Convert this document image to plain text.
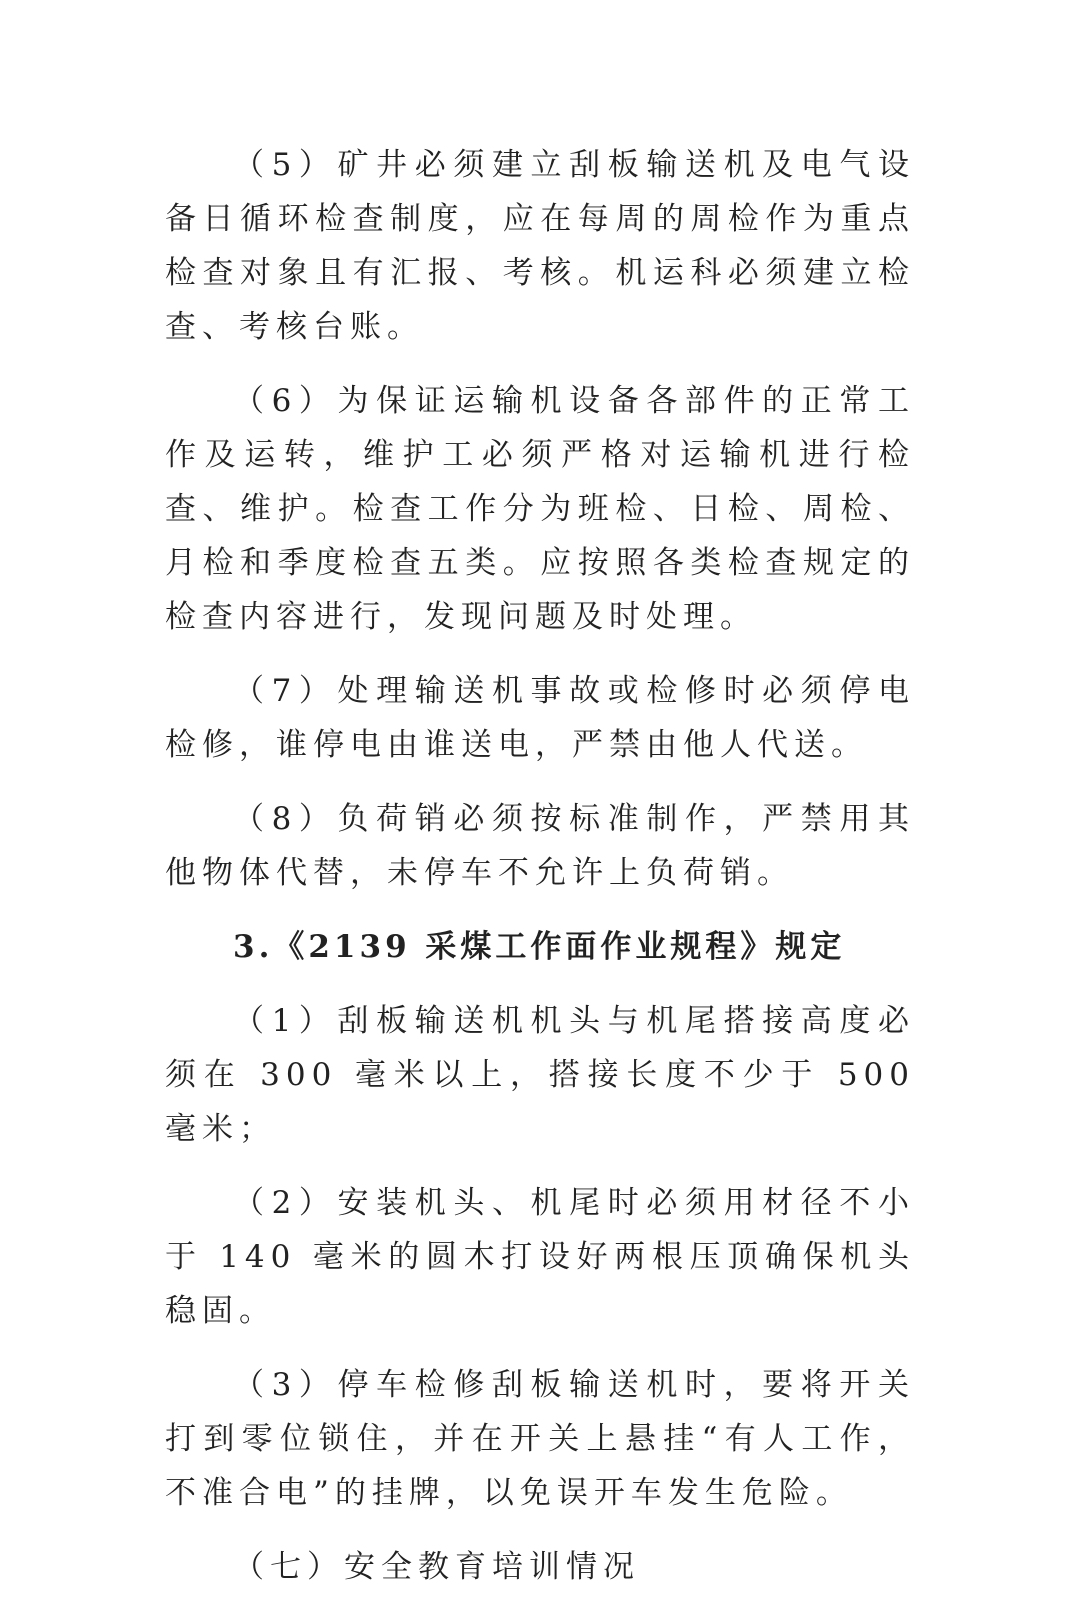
（5）矿井必须建立刮板输送机及电气设备日循环检查制度，应在每周的周检作为重点检查对象且有汇报、考核。机运科必须建立检查、考核台账。

（6）为保证运输机设备各部件的正常工作及运转，维护工必须严格对运输机进行检查、维护。检查工作分为班检、日检、周检、月检和季度检查五类。应按照各类检查规定的检查内容进行，发现问题及时处理。

（7）处理输送机事故或检修时必须停电检修，谁停电由谁送电，严禁由他人代送。

（8）负荷销必须按标准制作，严禁用其他物体代替，未停车不允许上负荷销。

3.《2139 采煤工作面作业规程》规定

（1）刮板输送机机头与机尾搭接高度必须在 300 毫米以上，搭接长度不少于 500 毫米；

（2）安装机头、机尾时必须用材径不小于 140 毫米的圆木打设好两根压顶确保机头稳固。

（3）停车检修刮板输送机时，要将开关打到零位锁住，并在开关上悬挂“有人工作，不准合电”的挂牌，以免误开车发生危险。

（七）安全教育培训情况
